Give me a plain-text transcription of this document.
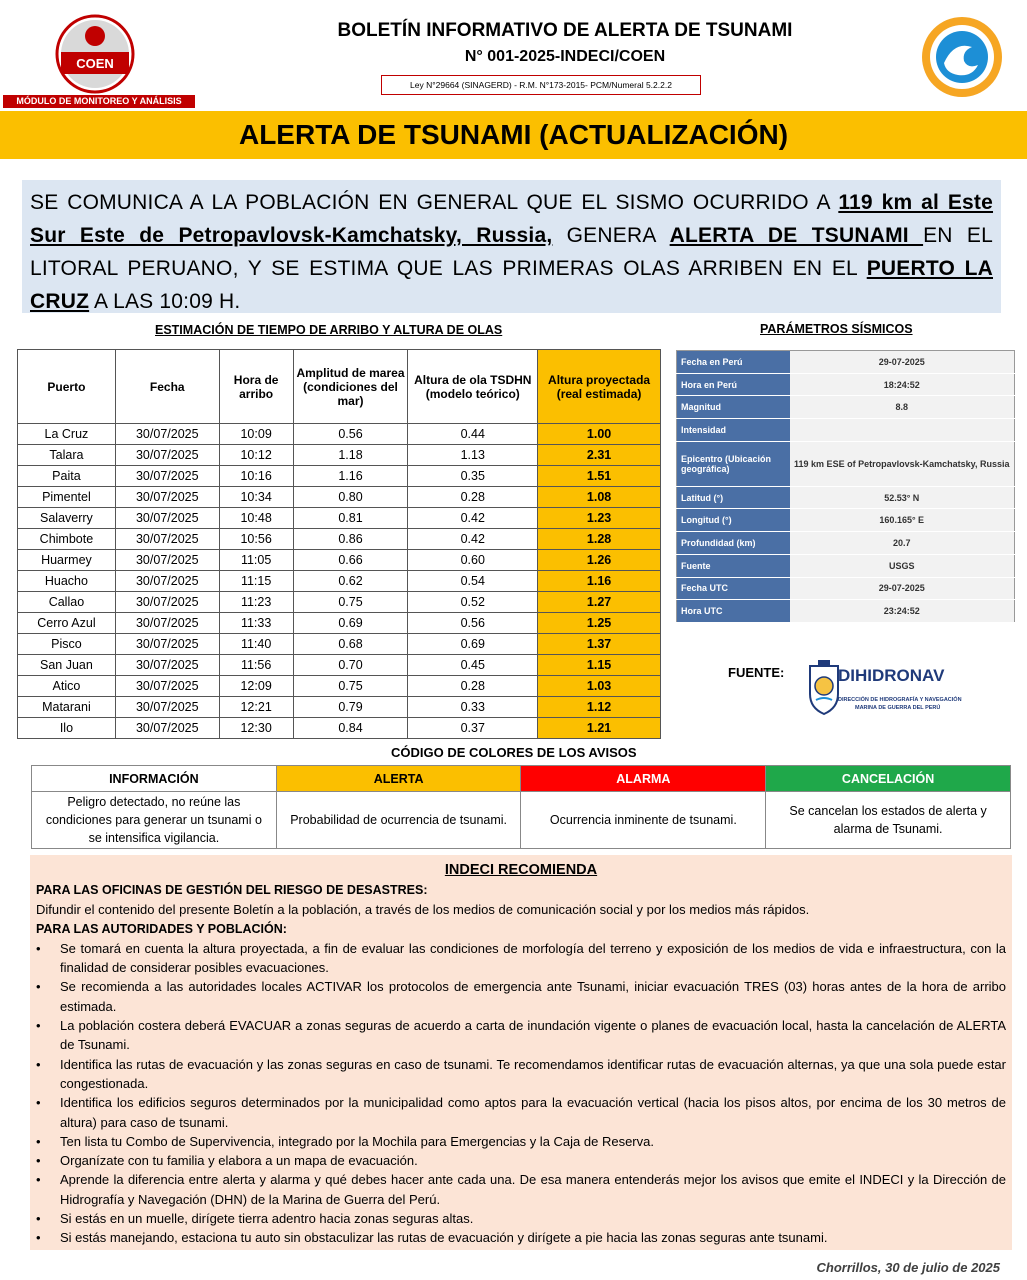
COEN
MÓDULO DE MONITOREO Y ANÁLISIS
BOLETÍN INFORMATIVO DE ALERTA DE TSUNAMI
N° 001-2025-INDECI/COEN
Ley N°29664 (SINAGERD) - R.M. N°173-2015- PCM/Numeral 5.2.2.2
ALERTA DE TSUNAMI (ACTUALIZACIÓN)
SE COMUNICA A LA POBLACIÓN EN GENERAL QUE EL SISMO OCURRIDO A 119 km al Este Sur Este de Petropavlovsk-Kamchatsky, Russia, GENERA ALERTA DE TSUNAMI EN EL LITORAL PERUANO, Y SE ESTIMA QUE LAS PRIMERAS OLAS ARRIBEN EN EL PUERTO LA CRUZ A LAS 10:09 H.
ESTIMACIÓN DE TIEMPO DE ARRIBO Y ALTURA DE OLAS
Puerto	Fecha	Hora de arribo	Amplitud de marea (condiciones del mar)	Altura de ola TSDHN (modelo teórico)	Altura proyectada (real estimada)
La Cruz	30/07/2025	10:09	0.56	0.44	1.00
Talara	30/07/2025	10:12	1.18	1.13	2.31
Paita	30/07/2025	10:16	1.16	0.35	1.51
Pimentel	30/07/2025	10:34	0.80	0.28	1.08
Salaverry	30/07/2025	10:48	0.81	0.42	1.23
Chimbote	30/07/2025	10:56	0.86	0.42	1.28
Huarmey	30/07/2025	11:05	0.66	0.60	1.26
Huacho	30/07/2025	11:15	0.62	0.54	1.16
Callao	30/07/2025	11:23	0.75	0.52	1.27
Cerro Azul	30/07/2025	11:33	0.69	0.56	1.25
Pisco	30/07/2025	11:40	0.68	0.69	1.37
San Juan	30/07/2025	11:56	0.70	0.45	1.15
Atico	30/07/2025	12:09	0.75	0.28	1.03
Matarani	30/07/2025	12:21	0.79	0.33	1.12
Ilo	30/07/2025	12:30	0.84	0.37	1.21
PARÁMETROS SÍSMICOS
Fecha en Perú	29-07-2025
Hora en Perú	18:24:52
Magnitud	8.8
Intensidad	
Epicentro (Ubicación geográfica)	119 km ESE of Petropavlovsk-Kamchatsky, Russia
Latitud (°)	52.53° N
Longitud (°)	160.165° E
Profundidad (km)	20.7
Fuente	USGS
Fecha UTC	29-07-2025
Hora UTC	23:24:52
FUENTE:	DIHIDRONAV
DIRECCIÓN DE HIDROGRAFÍA Y NAVEGACIÓN
MARINA DE GUERRA DEL PERÚ
CÓDIGO DE COLORES DE LOS AVISOS
INFORMACIÓN	ALERTA	ALARMA	CANCELACIÓN
Peligro detectado, no reúne las condiciones para generar un tsunami o se intensifica vigilancia.	Probabilidad de ocurrencia de tsunami.	Ocurrencia inminente de tsunami.	Se cancelan los estados de alerta y alarma de Tsunami.
INDECI RECOMIENDA
PARA LAS OFICINAS DE GESTIÓN DEL RIESGO DE DESASTRES:
Difundir el contenido del presente Boletín a la población, a través de los medios de comunicación social y por los medios más rápidos.
PARA LAS AUTORIDADES Y POBLACIÓN:
• Se tomará en cuenta la altura proyectada, a fin de evaluar las condiciones de morfología del terreno y exposición de los medios de vida e infraestructura, con la finalidad de considerar posibles evacuaciones.
• Se recomienda a las autoridades locales ACTIVAR los protocolos de emergencia ante Tsunami, iniciar evacuación TRES (03) horas antes de la hora de arribo estimada.
• La población costera deberá EVACUAR a zonas seguras de acuerdo a carta de inundación vigente o planes de evacuación local, hasta la cancelación de ALERTA de Tsunami.
• Identifica las rutas de evacuación y las zonas seguras en caso de tsunami. Te recomendamos identificar rutas de evacuación alternas, ya que una sola puede estar congestionada.
• Identifica los edificios seguros determinados por la municipalidad como aptos para la evacuación vertical (hacia los pisos altos, por encima de los 30 metros de altura) para caso de tsunami.
• Ten lista tu Combo de Supervivencia, integrado por la Mochila para Emergencias y la Caja de Reserva.
• Organízate con tu familia y elabora a un mapa de evacuación.
• Aprende la diferencia entre alerta y alarma y qué debes hacer ante cada una. De esa manera entenderás mejor los avisos que emite el INDECI y la Dirección de Hidrografía y Navegación (DHN) de la Marina de Guerra del Perú.
• Si estás en un muelle, dirígete tierra adentro hacia zonas seguras altas.
• Si estás manejando, estaciona tu auto sin obstaculizar las rutas de evacuación y dirígete a pie hacia las zonas seguras ante tsunami.
Chorrillos, 30 de julio de 2025
